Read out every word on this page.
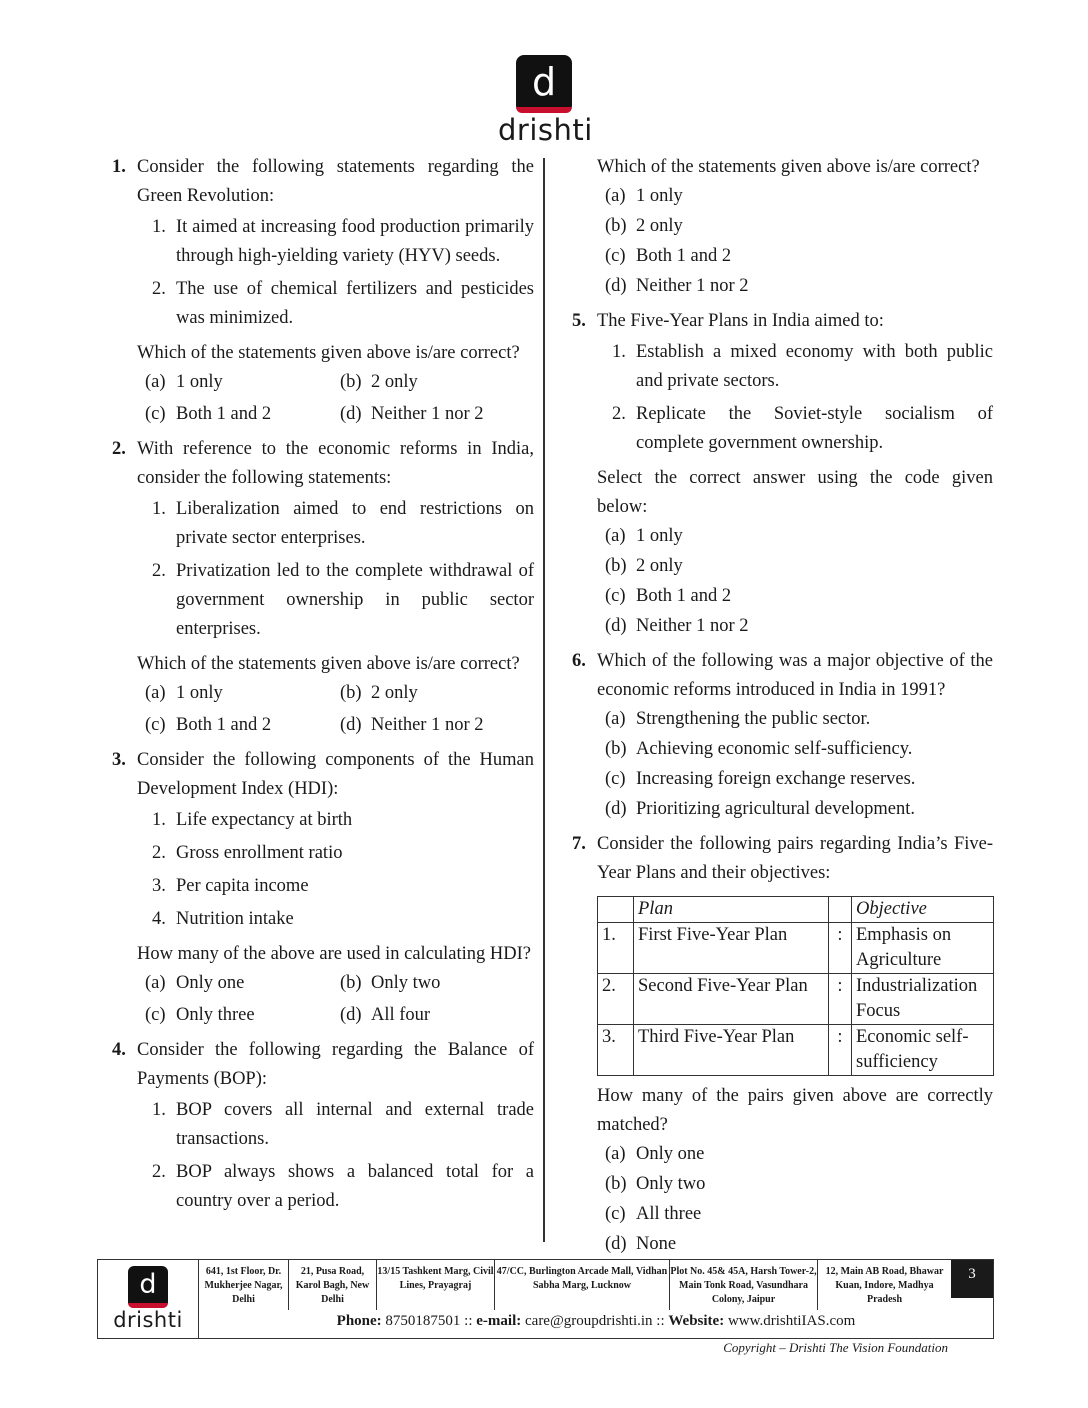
d
drishti
1. Consider the following statements regarding the Green Revolution:
1. It aimed at increasing food production primarily through high-yielding variety (HYV) seeds.
2. The use of chemical fertilizers and pesticides was minimized.
Which of the statements given above is/are correct?
(a) 1 only	(b) 2 only
(c) Both 1 and 2	(d) Neither 1 nor 2
2. With reference to the economic reforms in India, consider the following statements:
1. Liberalization aimed to end restrictions on private sector enterprises.
2. Privatization led to the complete withdrawal of government ownership in public sector enterprises.
Which of the statements given above is/are correct?
(a) 1 only	(b) 2 only
(c) Both 1 and 2	(d) Neither 1 nor 2
3. Consider the following components of the Human Development Index (HDI):
1. Life expectancy at birth
2. Gross enrollment ratio
3. Per capita income
4. Nutrition intake
How many of the above are used in calculating HDI?
(a) Only one	(b) Only two
(c) Only three	(d) All four
4. Consider the following regarding the Balance of Payments (BOP):
1. BOP covers all internal and external trade transactions.
2. BOP always shows a balanced total for a country over a period.
Which of the statements given above is/are correct?
(a) 1 only
(b) 2 only
(c) Both 1 and 2
(d) Neither 1 nor 2
5. The Five-Year Plans in India aimed to:
1. Establish a mixed economy with both public and private sectors.
2. Replicate the Soviet-style socialism of complete government ownership.
Select the correct answer using the code given below:
(a) 1 only
(b) 2 only
(c) Both 1 and 2
(d) Neither 1 nor 2
6. Which of the following was a major objective of the economic reforms introduced in India in 1991?
(a) Strengthening the public sector.
(b) Achieving economic self-sufficiency.
(c) Increasing foreign exchange reserves.
(d) Prioritizing agricultural development.
7. Consider the following pairs regarding India’s Five-Year Plans and their objectives:
	Plan		Objective
1.	First Five-Year Plan	:	Emphasis on Agriculture
2.	Second Five-Year Plan	:	Industrialization Focus
3.	Third Five-Year Plan	:	Economic self-sufficiency
How many of the pairs given above are correctly matched?
(a) Only one
(b) Only two
(c) All three
(d) None
d
drishti
641, 1st Floor, Dr. Mukherjee Nagar, Delhi
21, Pusa Road, Karol Bagh, New Delhi
13/15 Tashkent Marg, Civil Lines, Prayagraj
47/CC, Burlington Arcade Mall, Vidhan Sabha Marg, Lucknow
Plot No. 45& 45A, Harsh Tower-2, Main Tonk Road, Vasundhara Colony, Jaipur
12, Main AB Road, Bhawar Kuan, Indore, Madhya Pradesh
3
Phone: 8750187501 :: e-mail: care@groupdrishti.in :: Website: www.drishtiIAS.com
Copyright – Drishti The Vision Foundation
